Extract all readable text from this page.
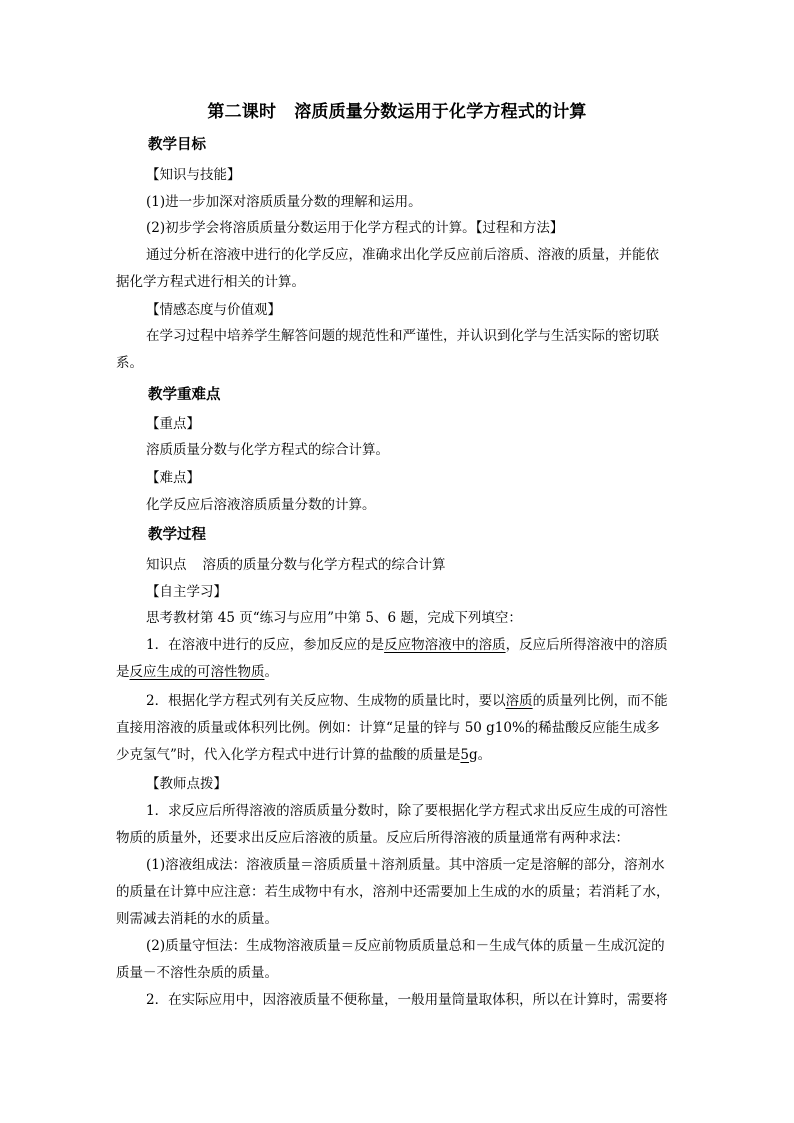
第二课时 溶质质量分数运用于化学方程式的计算
教学目标
【知识与技能】
(1)进一步加深对溶质质量分数的理解和运用。
(2)初步学会将溶质质量分数运用于化学方程式的计算。【过程和方法】
通过分析在溶液中进行的化学反应，准确求出化学反应前后溶质、溶液的质量，并能依
据化学方程式进行相关的计算。
【情感态度与价值观】
在学习过程中培养学生解答问题的规范性和严谨性，并认识到化学与生活实际的密切联
系。
教学重难点
【重点】
溶质质量分数与化学方程式的综合计算。
【难点】
化学反应后溶液溶质质量分数的计算。
教学过程
知识点 溶质的质量分数与化学方程式的综合计算
【自主学习】
思考教材第 45 页“练习与应用”中第 5、6 题，完成下列填空：
1．在溶液中进行的反应，参加反应的是反应物溶液中的溶质，反应后所得溶液中的溶质
是反应生成的可溶性物质。
2．根据化学方程式列有关反应物、生成物的质量比时，要以溶质的质量列比例，而不能
直接用溶液的质量或体积列比例。例如：计算“足量的锌与 50 g10%的稀盐酸反应能生成多
少克氢气”时，代入化学方程式中进行计算的盐酸的质量是5g。
【教师点拨】
1．求反应后所得溶液的溶质质量分数时，除了要根据化学方程式求出反应生成的可溶性
物质的质量外，还要求出反应后溶液的质量。反应后所得溶液的质量通常有两种求法：
(1)溶液组成法：溶液质量＝溶质质量＋溶剂质量。其中溶质一定是溶解的部分，溶剂水
的质量在计算中应注意：若生成物中有水，溶剂中还需要加上生成的水的质量；若消耗了水，
则需减去消耗的水的质量。
(2)质量守恒法：生成物溶液质量＝反应前物质质量总和－生成气体的质量－生成沉淀的
质量－不溶性杂质的质量。
2．在实际应用中，因溶液质量不便称量，一般用量筒量取体积，所以在计算时，需要将
